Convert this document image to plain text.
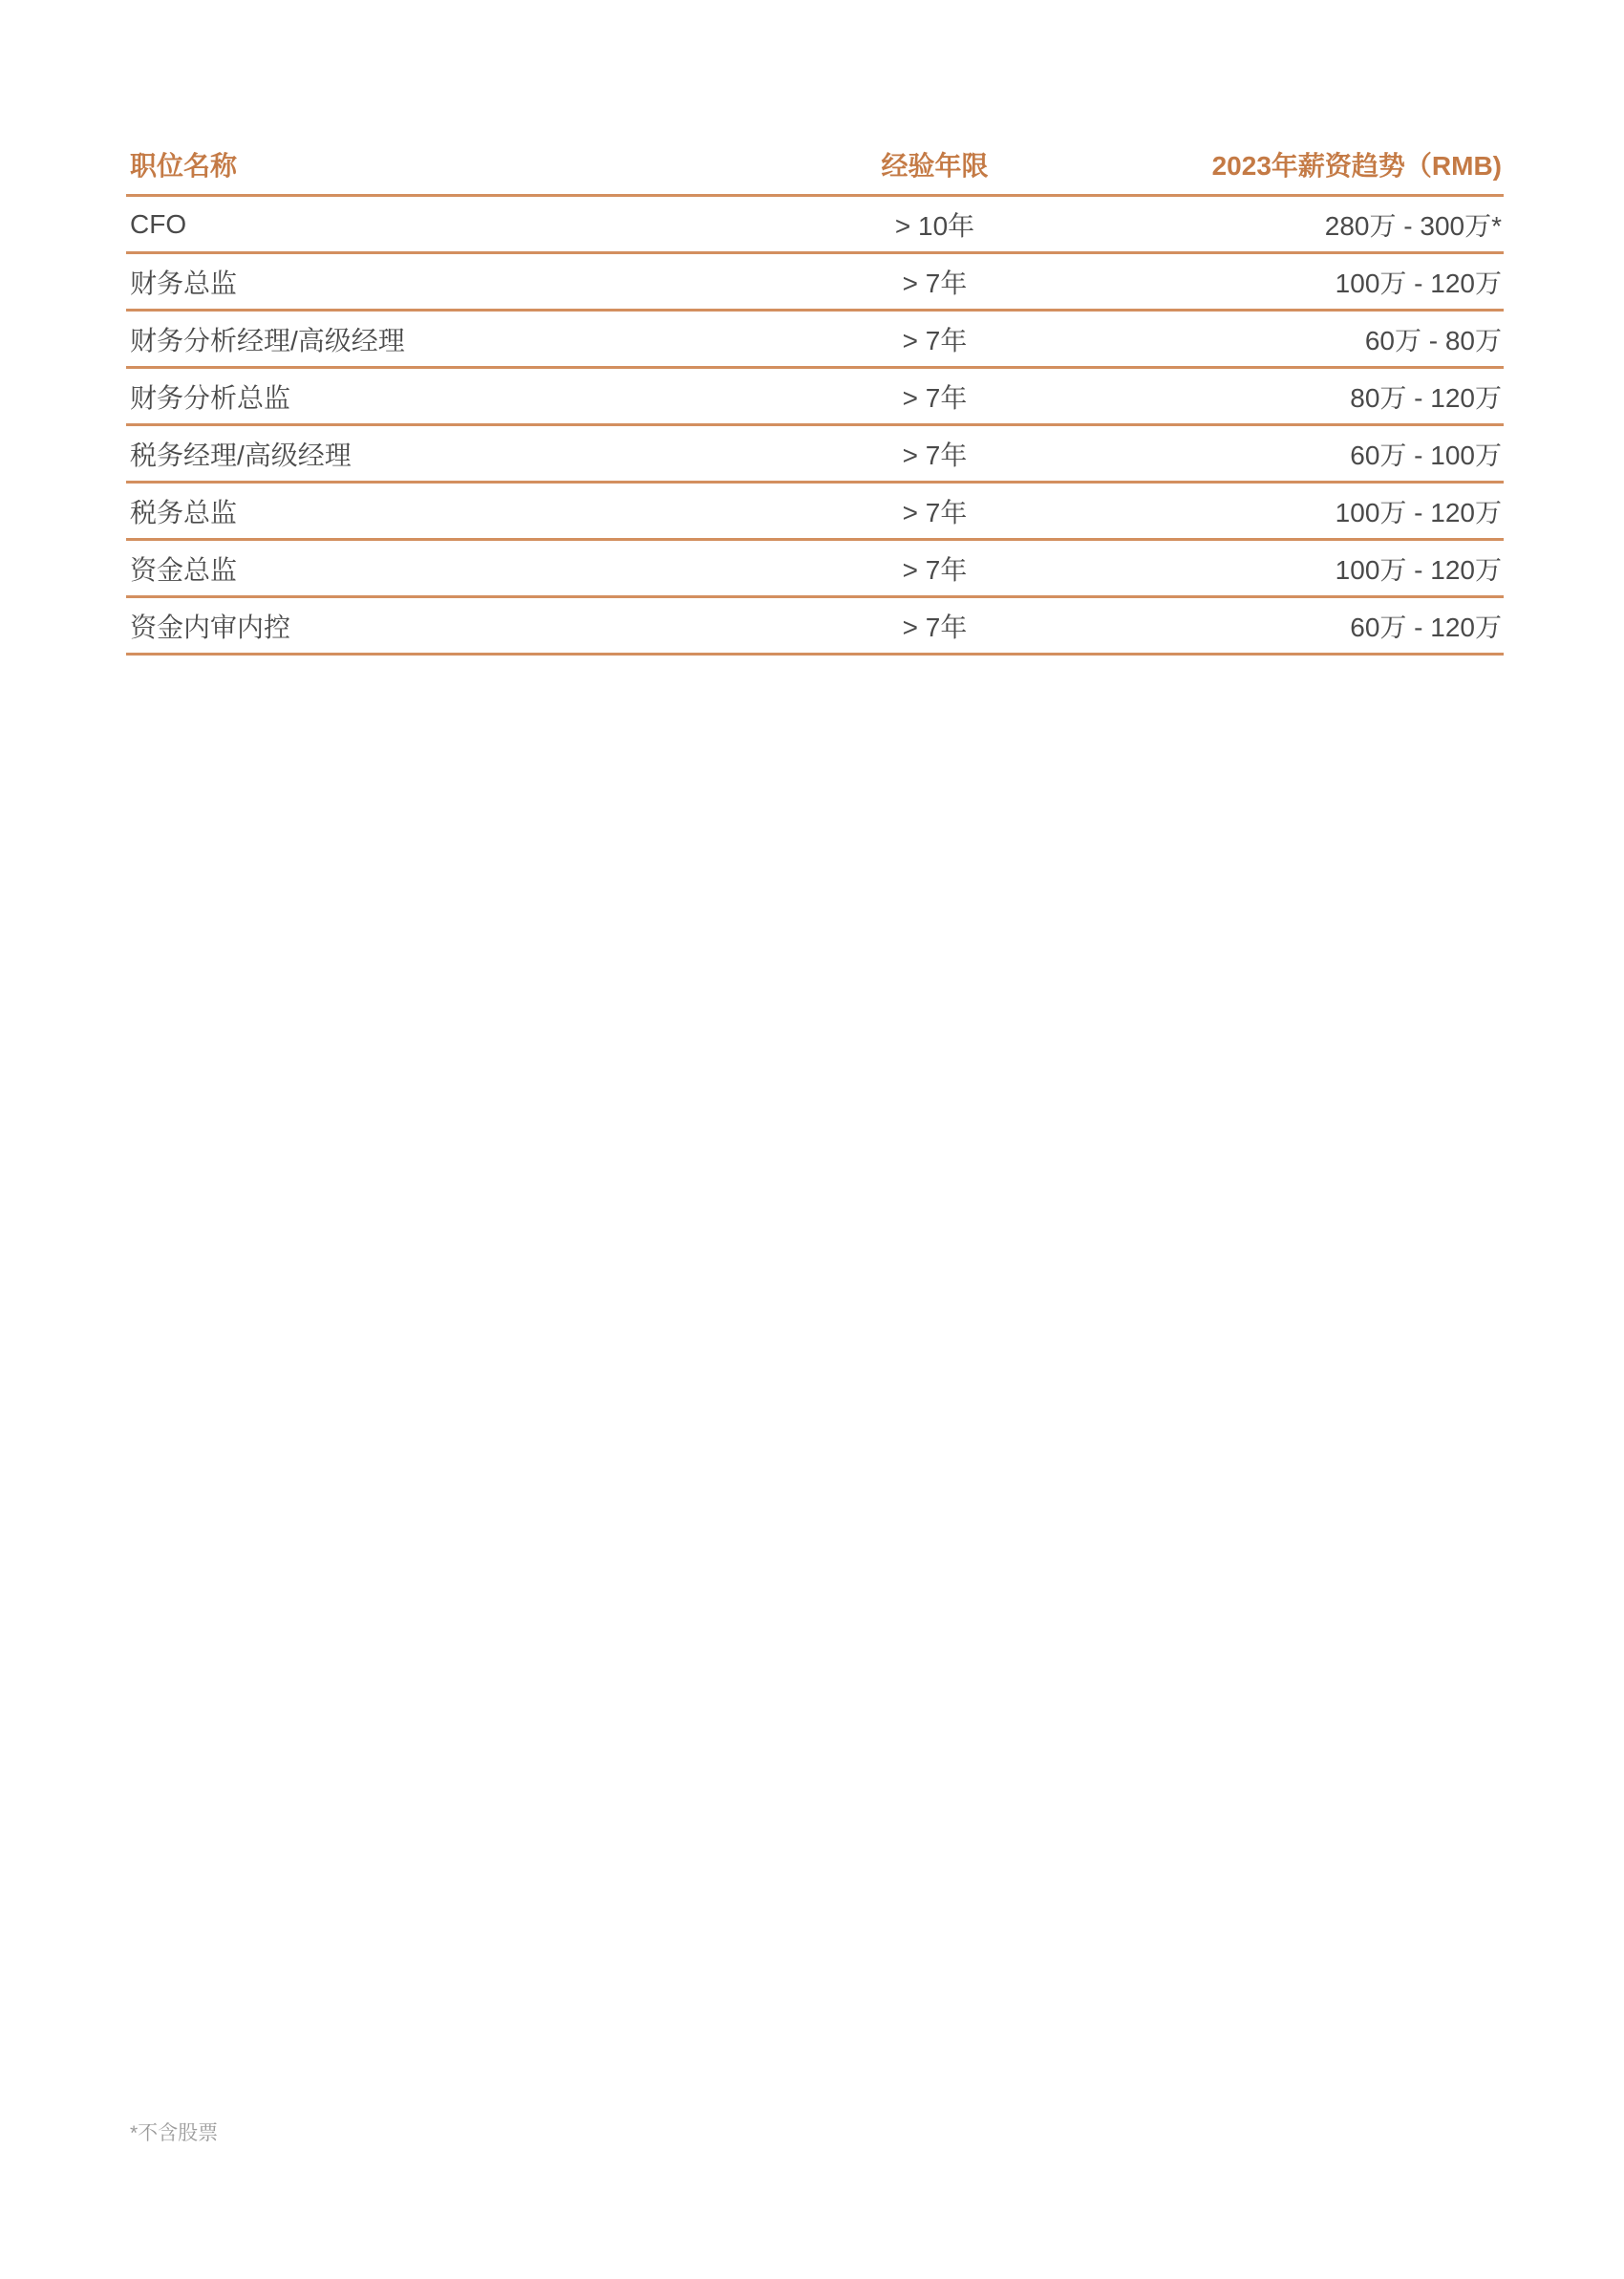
职位名称	经验年限	2023年薪资趋势（RMB)
CFO	> 10年	280万 - 300万*
财务总监	> 7年	100万 - 120万
财务分析经理/高级经理	> 7年	60万 - 80万
财务分析总监	> 7年	80万 - 120万
税务经理/高级经理	> 7年	60万 - 100万
税务总监	> 7年	100万 - 120万
资金总监	> 7年	100万 - 120万
资金内审内控	> 7年	60万 - 120万
*不含股票
